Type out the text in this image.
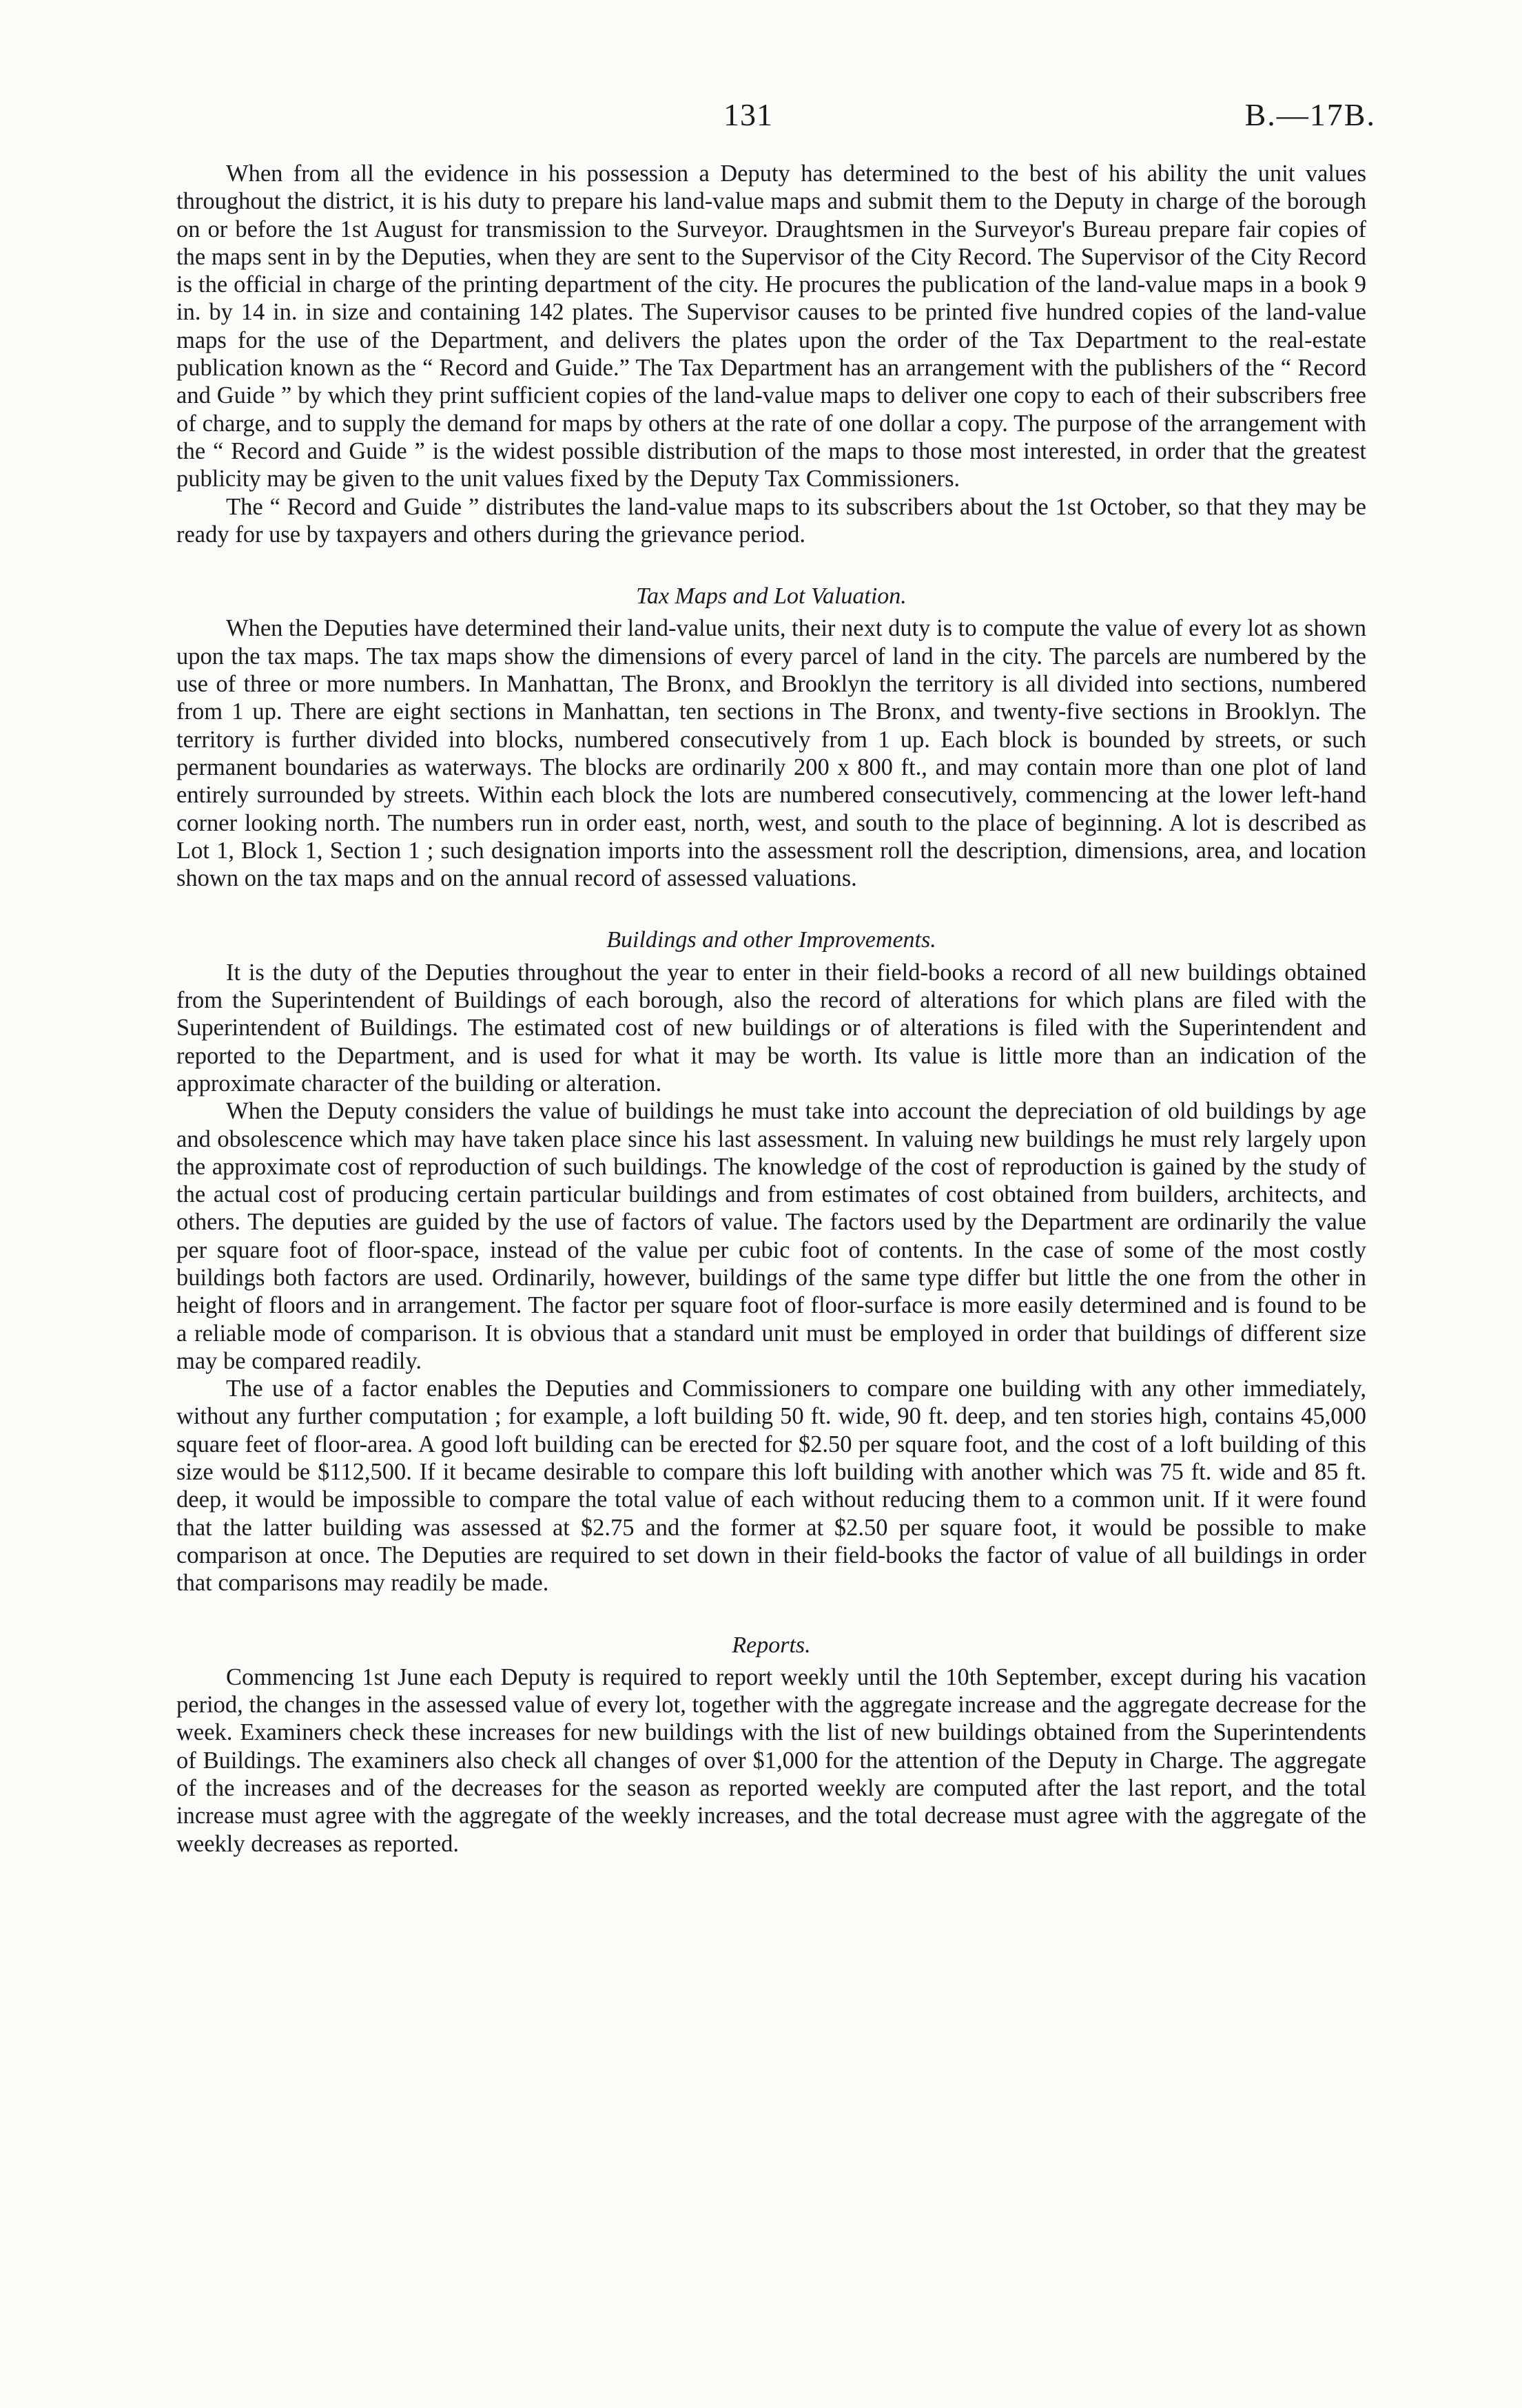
131	B.—17B.

When from all the evidence in his possession a Deputy has determined to the best of his ability the unit values throughout the district, it is his duty to prepare his land-value maps and submit them to the Deputy in charge of the borough on or before the 1st August for transmission to the Surveyor. Draughtsmen in the Surveyor's Bureau prepare fair copies of the maps sent in by the Deputies, when they are sent to the Supervisor of the City Record. The Supervisor of the City Record is the official in charge of the printing department of the city. He procures the publication of the land-value maps in a book 9 in. by 14 in. in size and containing 142 plates. The Supervisor causes to be printed five hundred copies of the land-value maps for the use of the Department, and delivers the plates upon the order of the Tax Department to the real-estate publication known as the “ Record and Guide.” The Tax Department has an arrangement with the publishers of the “ Record and Guide ” by which they print sufficient copies of the land-value maps to deliver one copy to each of their subscribers free of charge, and to supply the demand for maps by others at the rate of one dollar a copy. The purpose of the arrangement with the “ Record and Guide ” is the widest possible distribution of the maps to those most interested, in order that the greatest publicity may be given to the unit values fixed by the Deputy Tax Commissioners.

The “ Record and Guide ” distributes the land-value maps to its subscribers about the 1st October, so that they may be ready for use by taxpayers and others during the grievance period.

Tax Maps and Lot Valuation.

When the Deputies have determined their land-value units, their next duty is to compute the value of every lot as shown upon the tax maps. The tax maps show the dimensions of every parcel of land in the city. The parcels are numbered by the use of three or more numbers. In Manhattan, The Bronx, and Brooklyn the territory is all divided into sections, numbered from 1 up. There are eight sections in Manhattan, ten sections in The Bronx, and twenty-five sections in Brooklyn. The territory is further divided into blocks, numbered consecutively from 1 up. Each block is bounded by streets, or such permanent boundaries as waterways. The blocks are ordinarily 200 x 800 ft., and may contain more than one plot of land entirely surrounded by streets. Within each block the lots are numbered consecutively, commencing at the lower left-hand corner looking north. The numbers run in order east, north, west, and south to the place of beginning. A lot is described as Lot 1, Block 1, Section 1 ; such designation imports into the assessment roll the description, dimensions, area, and location shown on the tax maps and on the annual record of assessed valuations.

Buildings and other Improvements.

It is the duty of the Deputies throughout the year to enter in their field-books a record of all new buildings obtained from the Superintendent of Buildings of each borough, also the record of alterations for which plans are filed with the Superintendent of Buildings. The estimated cost of new buildings or of alterations is filed with the Superintendent and reported to the Department, and is used for what it may be worth. Its value is little more than an indication of the approximate character of the building or alteration.

When the Deputy considers the value of buildings he must take into account the depreciation of old buildings by age and obsolescence which may have taken place since his last assessment. In valuing new buildings he must rely largely upon the approximate cost of reproduction of such buildings. The knowledge of the cost of reproduction is gained by the study of the actual cost of producing certain particular buildings and from estimates of cost obtained from builders, architects, and others. The deputies are guided by the use of factors of value. The factors used by the Department are ordinarily the value per square foot of floor-space, instead of the value per cubic foot of contents. In the case of some of the most costly buildings both factors are used. Ordinarily, however, buildings of the same type differ but little the one from the other in height of floors and in arrangement. The factor per square foot of floor-surface is more easily determined and is found to be a reliable mode of comparison. It is obvious that a standard unit must be employed in order that buildings of different size may be compared readily.

The use of a factor enables the Deputies and Commissioners to compare one building with any other immediately, without any further computation ; for example, a loft building 50 ft. wide, 90 ft. deep, and ten stories high, contains 45,000 square feet of floor-area. A good loft building can be erected for $2.50 per square foot, and the cost of a loft building of this size would be $112,500. If it became desirable to compare this loft building with another which was 75 ft. wide and 85 ft. deep, it would be impossible to compare the total value of each without reducing them to a common unit. If it were found that the latter building was assessed at $2.75 and the former at $2.50 per square foot, it would be possible to make comparison at once. The Deputies are required to set down in their field-books the factor of value of all buildings in order that comparisons may readily be made.

Reports.

Commencing 1st June each Deputy is required to report weekly until the 10th September, except during his vacation period, the changes in the assessed value of every lot, together with the aggregate increase and the aggregate decrease for the week. Examiners check these increases for new buildings with the list of new buildings obtained from the Superintendents of Buildings. The examiners also check all changes of over $1,000 for the attention of the Deputy in Charge. The aggregate of the increases and of the decreases for the season as reported weekly are computed after the last report, and the total increase must agree with the aggregate of the weekly increases, and the total decrease must agree with the aggregate of the weekly decreases as reported.
